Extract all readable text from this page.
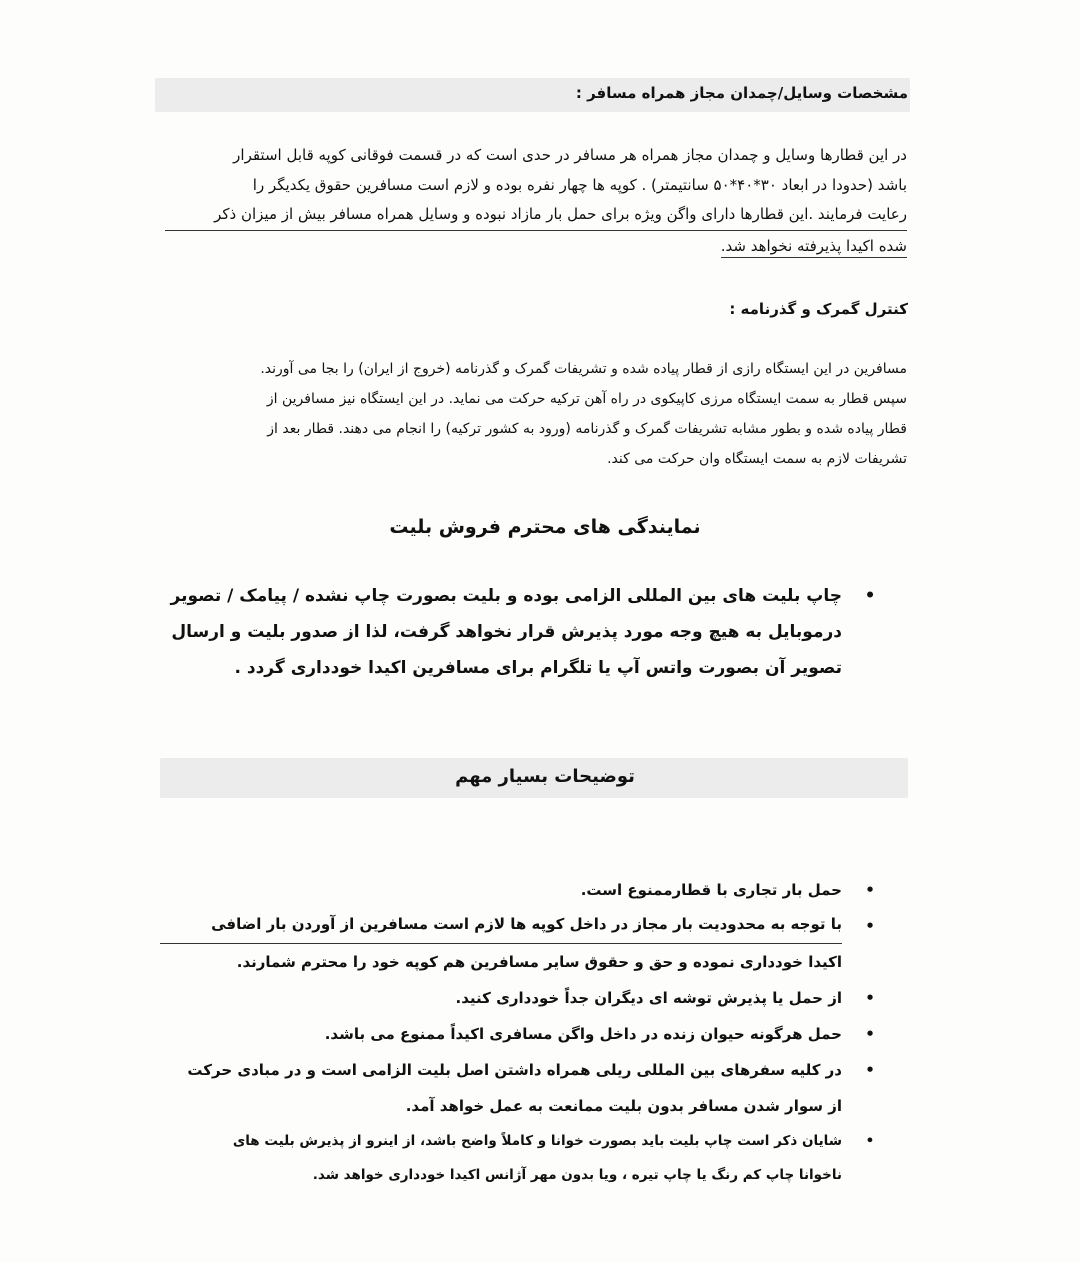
مشخصات وسایل/چمدان مجاز همراه مسافر :
در این قطارها وسایل و چمدان مجاز همراه هر مسافر در حدی است که در قسمت فوقانی کوپه قابل استقرار
باشد (حدودا در ابعاد ۳۰*۴۰*۵۰ سانتیمتر) . کوپه ها چهار نفره بوده و لازم است مسافرین حقوق یکدیگر را
رعایت فرمایند .این قطارها دارای واگن ویژه برای حمل بار مازاد نبوده و وسایل همراه مسافر بیش از میزان ذکر
شده اکیدا پذیرفته نخواهد شد.
کنترل گمرک و گذرنامه :
مسافرین در این ایستگاه رازی از قطار پیاده شده و تشریفات گمرک و گذرنامه (خروج از ایران) را بجا می آورند.
سپس قطار به سمت ایستگاه مرزی کاپیکوی در راه آهن ترکیه حرکت می نماید. در این ایستگاه نیز مسافرین از
قطار پیاده شده و بطور مشابه تشریفات گمرک و گذرنامه (ورود به کشور ترکیه) را انجام می دهند. قطار بعد از
تشریفات لازم به سمت ایستگاه وان حرکت می کند.
نمایندگی های محترم فروش بلیت
•
چاپ بلیت های بین المللی الزامی بوده و بلیت بصورت چاپ نشده / پیامک / تصویر
درموبایل به هیچ وجه مورد پذیرش قرار نخواهد گرفت، لذا از صدور بلیت و ارسال
تصویر آن بصورت واتس آپ یا تلگرام برای مسافرین اکیدا خودداری گردد .
توضیحات بسیار مهم
•
حمل بار تجاری با قطارممنوع است.
•
با توجه به محدودیت بار مجاز در داخل کوپه ها لازم است مسافرین از آوردن بار اضافی
اکیدا خودداری نموده و حق و حقوق سایر مسافرین هم کوپه خود را محترم شمارند.
•
از حمل یا پذیرش توشه ای دیگران جداً خودداری کنید.
•
حمل هرگونه حیوان زنده در داخل واگن مسافری اکیداً ممنوع می باشد.
•
در کلیه سفرهای بین المللی ریلی همراه داشتن اصل بلیت الزامی است و در مبادی حرکت
از سوار شدن مسافر بدون بلیت ممانعت به عمل خواهد آمد.
•
شایان ذکر است چاپ بلیت باید بصورت خوانا و کاملاً واضح باشد، از اینرو از پذیرش بلیت های
ناخوانا چاپ کم رنگ یا چاپ تیره ، ویا بدون مهر آژانس اکیدا خودداری خواهد شد.
